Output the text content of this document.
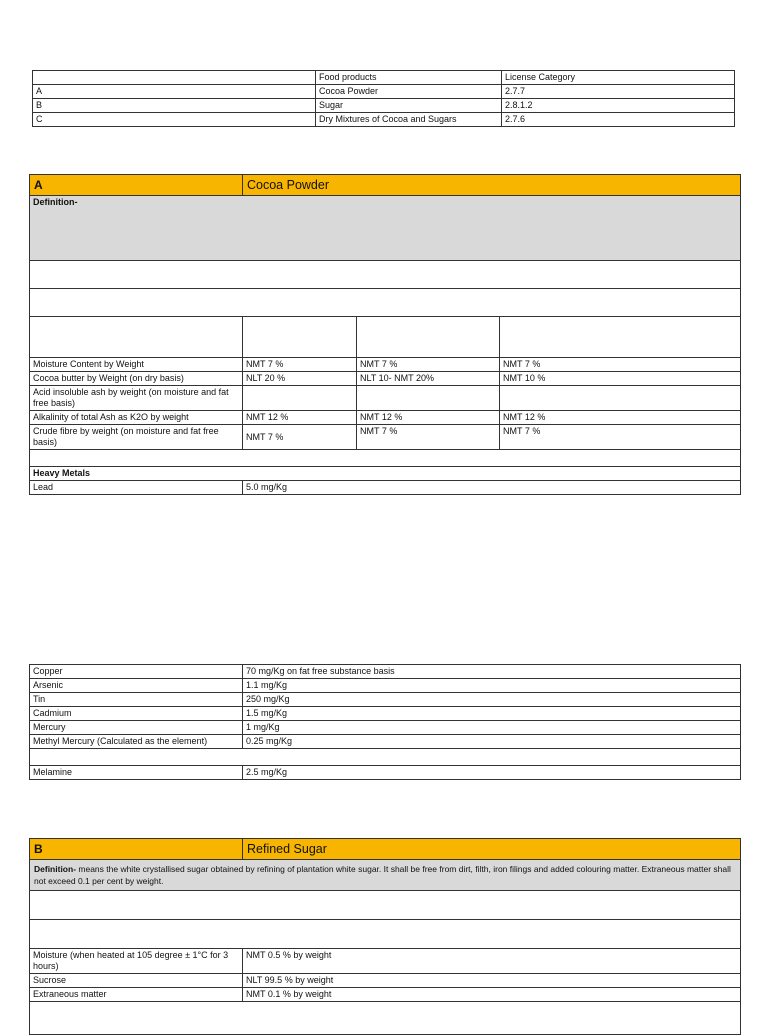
	Food products	License Category
A	Cocoa Powder	2.7.7
B	Sugar	2.8.1.2
C	Dry Mixtures of Cocoa and Sugars	2.7.6
A	Cocoa Powder		
Definition-			

Moisture Content by Weight	NMT 7 %	NMT 7 %	NMT 7 %
Cocoa butter by Weight (on dry basis)	NLT 20 %	NLT 10- NMT 20%	NMT 10 %
Acid insoluble ash by weight (on moisture and fat free basis)			
Alkalinity of total Ash as K2O by weight	NMT 12 %	NMT 12 %	NMT 12 %
Crude fibre by weight (on moisture and fat free basis)	NMT 7 %	NMT 7 %	NMT 7 %

Heavy Metals			
Lead	5.0 mg/Kg		
Copper	70 mg/Kg on fat free substance basis
Arsenic	1.1 mg/Kg
Tin	250 mg/Kg
Cadmium	1.5 mg/Kg
Mercury	1 mg/Kg
Methyl Mercury (Calculated as the element)	0.25 mg/Kg

Melamine	2.5 mg/Kg
B	Refined Sugar
Definition- means the white crystallised sugar obtained by refining of plantation white sugar. It shall be free from dirt, filth, iron filings and added colouring matter. Extraneous matter shall not exceed 0.1 per cent by weight.	

Moisture (when heated at 105 degree ± 1°C for 3 hours)	NMT 0.5 % by weight
Sucrose	NLT 99.5 % by weight
Extraneous matter	NMT 0.1 % by weight
